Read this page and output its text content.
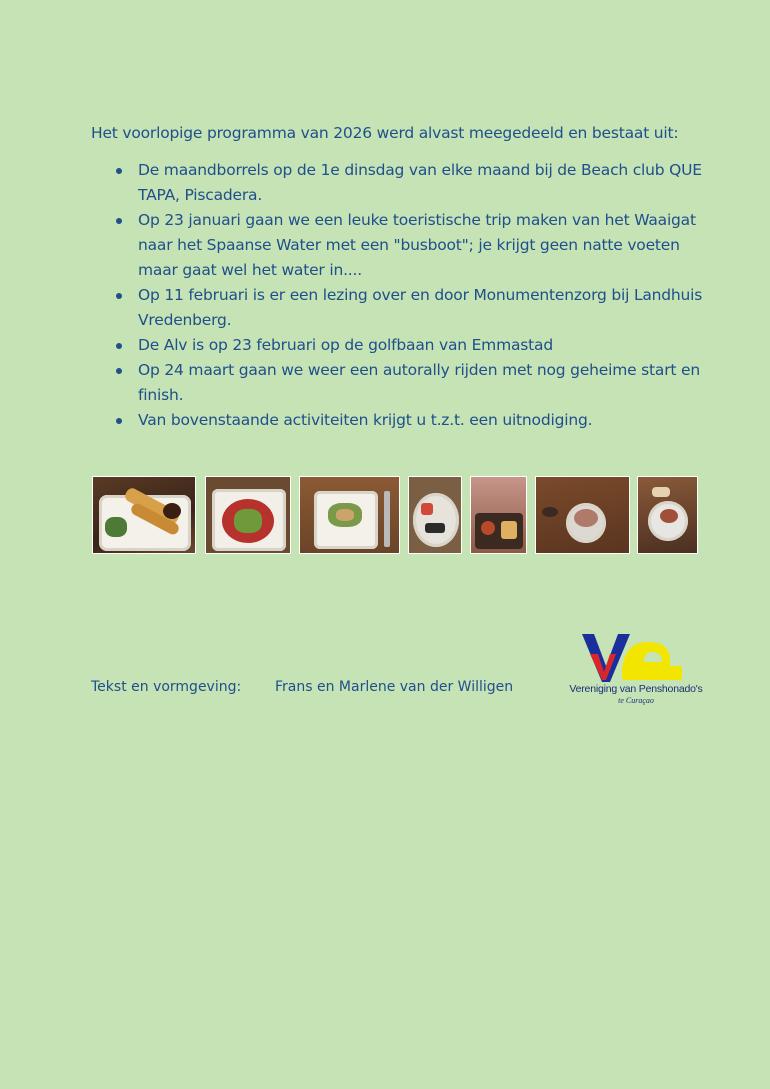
Het voorlopige programma van 2026 werd alvast meegedeeld en bestaat uit:
De maandborrels op de 1e dinsdag van elke maand bij de Beach club QUE TAPA, Piscadera.
Op 23 januari gaan we een leuke toeristische trip maken van het Waaigat naar het Spaanse Water met een "busboot"; je krijgt geen natte voeten maar gaat wel het water in....
Op 11 februari is er een lezing over en door Monumentenzorg bij Landhuis Vredenberg.
De Alv is op 23 februari op de golfbaan van Emmastad
Op 24 maart gaan we weer een autorally rijden met nog geheime start en finish.
Van bovenstaande activiteiten krijgt u t.z.t. een uitnodiging.
Tekst en vormgeving: Frans en Marlene van der Willigen	Vereniging van Penshonado's
te Curaçao
